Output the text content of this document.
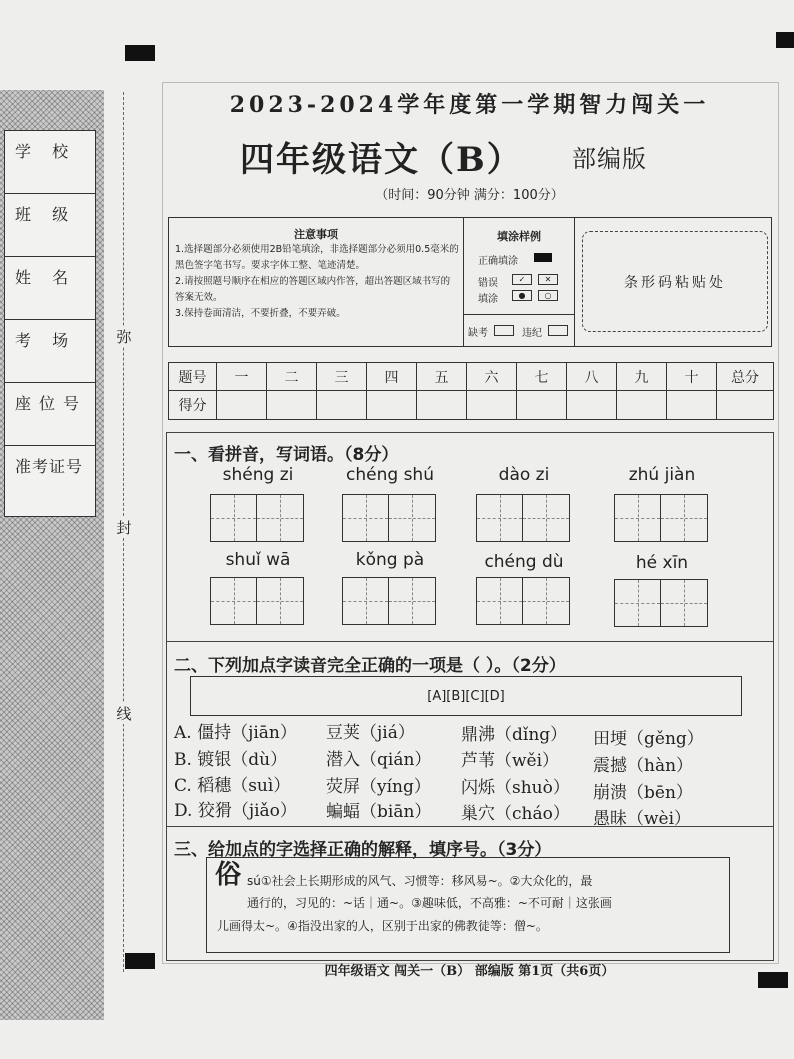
学 校
班 级
姓 名
考 场
座位号
准考证号
弥
封
线
2023-2024学年度第一学期智力闯关一
四年级语文（B） 部编版
（时间：90分钟 满分：100分）
注意事项
1.选择题部分必须使用2B铅笔填涂，非选择题部分必须用0.5毫米的黑色签字笔书写。要求字体工整、笔迹清楚。
2.请按照题号顺序在相应的答题区域内作答，超出答题区域书写的答案无效。
3.保持卷面清洁，不要折叠，不要弄破。
填涂样例
正确填涂
错误
填涂
✓	✕
●	○
缺考	违纪
条形码粘贴处
题号	一	二	三	四	五	六	七	八	九	十	总分
得分
一、看拼音，写词语。（8分）
shéng zi	chéng shú	dào zi	zhú jiàn
shuǐ wā	kǒng pà	chéng dù	hé xīn
二、下列加点字读音完全正确的一项是（ ）。（2分）
[A][B][C][D]
A. 僵持（jiān） 豆荚（jiá）	鼎沸（dǐng） 田埂（gěng）
B. 镀银（dù） 潜入（qián） 芦苇（wěi） 震撼（hàn）
C. 稻穗（suì） 荧屏（yíng） 闪烁（shuò） 崩溃（bēn）
D. 狡猾（jiǎo） 蝙蝠（biān） 巢穴（cháo） 愚昧（wèi）
三、给加点的字选择正确的解释，填序号。（3分）
俗 sú①社会上长期形成的风气、习惯等：移风易~。②大众化的，最
通行的，习见的：~话｜通~。③趣味低，不高雅：~不可耐｜这张画
儿画得太~。④指没出家的人，区别于出家的佛教徒等：僧~。
四年级语文 闯关一（B） 部编版 第1页（共6页）
